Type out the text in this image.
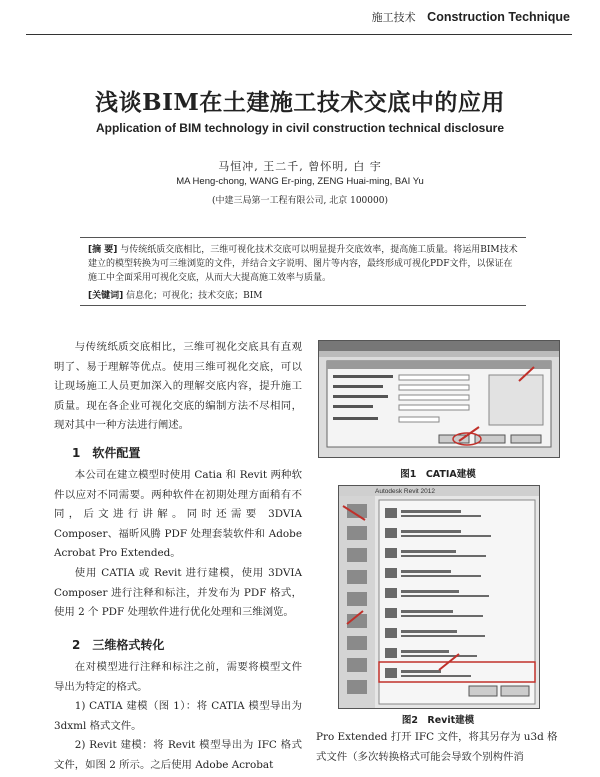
施工技术 Construction Technique
浅谈BIM在土建施工技术交底中的应用
Application of BIM technology in civil construction technical disclosure
马恒冲, 王二千, 曾怀明, 白 宇
MA Heng-chong, WANG Er-ping, ZENG Huai-ming, BAI Yu
(中建三局第一工程有限公司, 北京 100000)
[摘 要] 与传统纸质交底相比，三维可视化技术交底可以明显提升交底效率，提高施工质量。将运用BIM技术建立的模型转换为可三维浏览的文件，并结合文字说明、图片等内容，最终形成可视化PDF文件，以保证在施工中全面采用可视化交底，从而大大提高施工效率与质量。
[关键词] 信息化；可视化；技术交底；BIM

与传统纸质交底相比，三维可视化交底具有直观明了、易于理解等优点。使用三维可视化交底，可以让现场施工人员更加深入的理解交底内容，提升施工质量。现在各企业可视化交底的编制方法不尽相同，现对其中一种方法进行阐述。

1　软件配置

本公司在建立模型时使用 Catia 和 Revit 两种软件以应对不同需要。两种软件在初期处理方面稍有不同，后文进行讲解。同时还需要 3DVIA Composer、福昕风腾 PDF 处理套装软件和 Adobe Acrobat Pro Extended。

使用 CATIA 或 Revit 进行建模，使用 3DVIA Composer 进行注释和标注，并发布为 PDF 格式，使用 2 个 PDF 处理软件进行优化处理和三维浏览。

2　三维格式转化

在对模型进行注释和标注之前，需要将模型文件导出为特定的格式。

1) CATIA 建模（图 1）：将 CATIA 模型导出为 3dxml 格式文件。

2) Revit 建模：将 Revit 模型导出为 IFC 格式文件，如图 2 所示。之后使用 Adobe Acrobat

图1　CATIA建模
Autodesk Revit 2012
图2　Revit建模
Pro Extended 打开 IFC 文件，将其另存为 u3d 格式文件（多次转换格式可能会导致个别构件消
